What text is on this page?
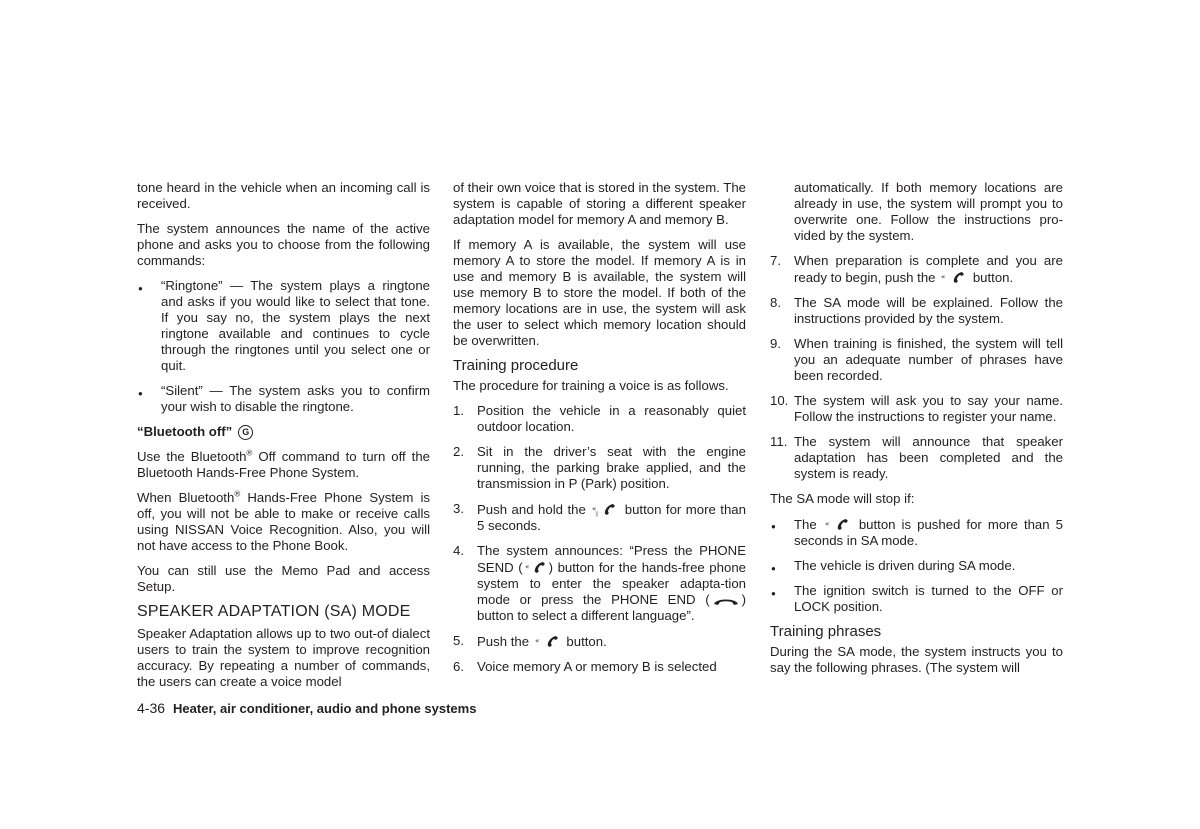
tone heard in the vehicle when an incoming call is received.
The system announces the name of the active phone and asks you to choose from the following commands:
● “Ringtone” — The system plays a ringtone and asks if you would like to select that tone. If you say no, the system plays the next ringtone available and continues to cycle through the ringtones until you select one or quit.
● “Silent” — The system asks you to confirm your wish to disable the ringtone.
“Bluetooth off” G
Use the Bluetooth® Off command to turn off the Bluetooth Hands-Free Phone System.
When Bluetooth® Hands-Free Phone System is off, you will not be able to make or receive calls using NISSAN Voice Recognition. Also, you will not have access to the Phone Book.
You can still use the Memo Pad and access Setup.
SPEAKER ADAPTATION (SA) MODE
Speaker Adaptation allows up to two out-of dialect users to train the system to improve recognition accuracy. By repeating a number of commands, the users can create a voice model
of their own voice that is stored in the system. The system is capable of storing a different speaker adaptation model for memory A and memory B.
If memory A is available, the system will use memory A to store the model. If memory A is in use and memory B is available, the system will use memory B to store the model. If both of the memory locations are in use, the system will ask the user to select which memory location should be overwritten.
Training procedure
The procedure for training a voice is as follows.
1. Position the vehicle in a reasonably quiet outdoor location.
2. Sit in the driver’s seat with the engine running, the parking brake applied, and the transmission in P (Park) position.
3. Push and hold the «
ᛝ button for more than 5 seconds.
4. The system announces: “Press the PHONE SEND ( « ) button for the hands-free phone system to enter the speaker adapta-tion mode or press the PHONE END ( ) button to select a different language”.
5. Push the « button.
6. Voice memory A or memory B is selected
automatically. If both memory locations are already in use, the system will prompt you to overwrite one. Follow the instructions pro-vided by the system.
7. When preparation is complete and you are ready to begin, push the « button.
8. The SA mode will be explained. Follow the instructions provided by the system.
9. When training is finished, the system will tell you an adequate number of phrases have been recorded.
10. The system will ask you to say your name. Follow the instructions to register your name.
11. The system will announce that speaker adaptation has been completed and the system is ready.
The SA mode will stop if:
● The « button is pushed for more than 5 seconds in SA mode.
● The vehicle is driven during SA mode.
● The ignition switch is turned to the OFF or LOCK position.
Training phrases
During the SA mode, the system instructs you to say the following phrases. (The system will
4-36 Heater, air conditioner, audio and phone systems
